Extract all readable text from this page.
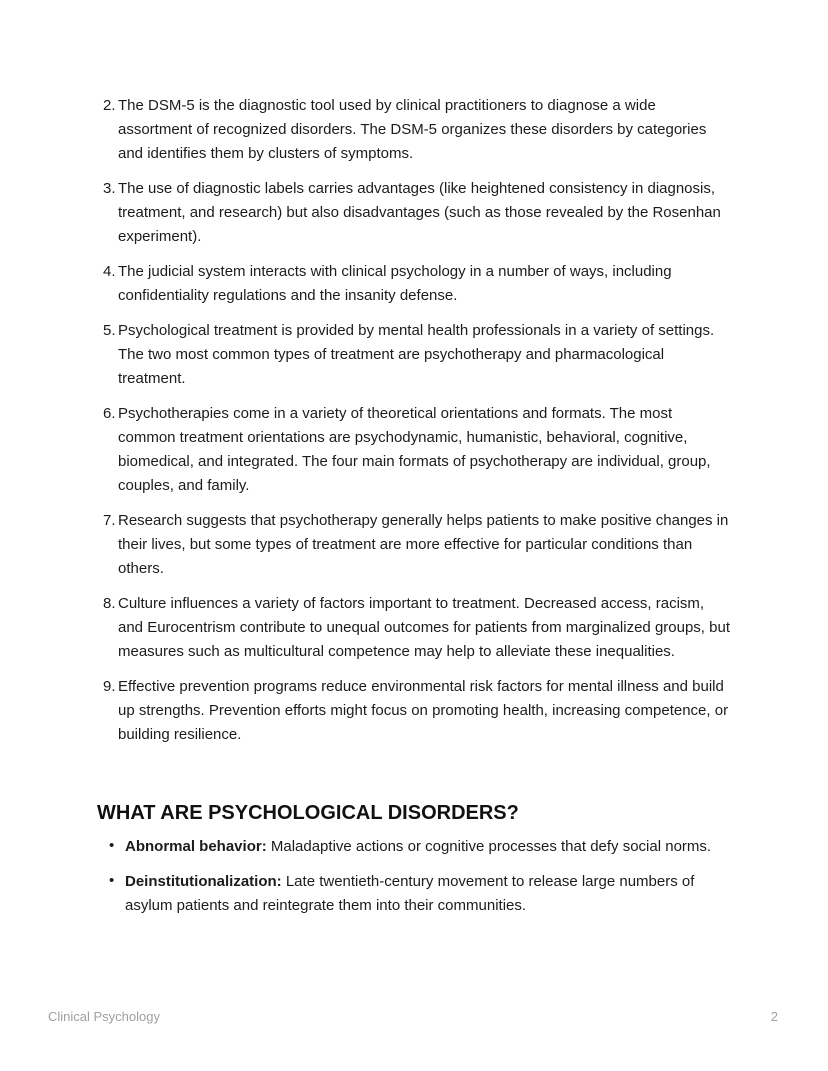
2. The DSM-5 is the diagnostic tool used by clinical practitioners to diagnose a wide assortment of recognized disorders. The DSM-5 organizes these disorders by categories and identifies them by clusters of symptoms.
3. The use of diagnostic labels carries advantages (like heightened consistency in diagnosis, treatment, and research) but also disadvantages (such as those revealed by the Rosenhan experiment).
4. The judicial system interacts with clinical psychology in a number of ways, including confidentiality regulations and the insanity defense.
5. Psychological treatment is provided by mental health professionals in a variety of settings. The two most common types of treatment are psychotherapy and pharmacological treatment.
6. Psychotherapies come in a variety of theoretical orientations and formats. The most common treatment orientations are psychodynamic, humanistic, behavioral, cognitive, biomedical, and integrated. The four main formats of psychotherapy are individual, group, couples, and family.
7. Research suggests that psychotherapy generally helps patients to make positive changes in their lives, but some types of treatment are more effective for particular conditions than others.
8. Culture influences a variety of factors important to treatment. Decreased access, racism, and Eurocentrism contribute to unequal outcomes for patients from marginalized groups, but measures such as multicultural competence may help to alleviate these inequalities.
9. Effective prevention programs reduce environmental risk factors for mental illness and build up strengths. Prevention efforts might focus on promoting health, increasing competence, or building resilience.
WHAT ARE PSYCHOLOGICAL DISORDERS?
• Abnormal behavior: Maladaptive actions or cognitive processes that defy social norms.
• Deinstitutionalization: Late twentieth-century movement to release large numbers of asylum patients and reintegrate them into their communities.
Clinical Psychology	2
